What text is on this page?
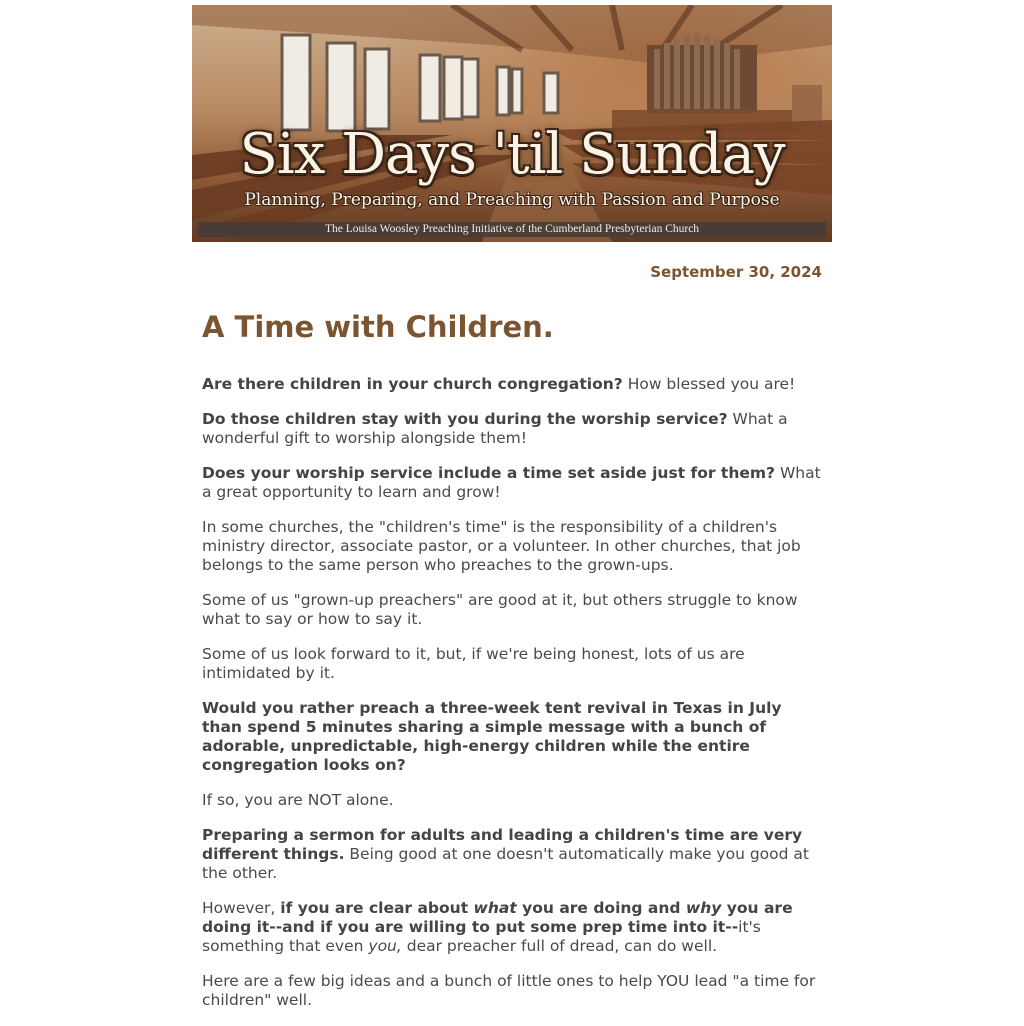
Six Days 'til Sunday
Planning, Preparing, and Preaching with Passion and Purpose
The Louisa Woosley Preaching Initiative of the Cumberland Presbyterian Church
September 30, 2024
A Time with Children.

Are there children in your church congregation? How blessed you are!

Do those children stay with you during the worship service? What a wonderful gift to worship alongside them!

Does your worship service include a time set aside just for them? What a great opportunity to learn and grow!

In some churches, the "children's time" is the responsibility of a children's ministry director, associate pastor, or a volunteer. In other churches, that job belongs to the same person who preaches to the grown-ups.

Some of us "grown-up preachers" are good at it, but others struggle to know what to say or how to say it.

Some of us look forward to it, but, if we're being honest, lots of us are intimidated by it.

Would you rather preach a three-week tent revival in Texas in July than spend 5 minutes sharing a simple message with a bunch of adorable, unpredictable, high-energy children while the entire congregation looks on?

If so, you are NOT alone.

Preparing a sermon for adults and leading a children's time are very different things. Being good at one doesn't automatically make you good at the other.

However, if you are clear about what you are doing and why you are doing it--and if you are willing to put some prep time into it--it's something that even you, dear preacher full of dread, can do well.

Here are a few big ideas and a bunch of little ones to help YOU lead "a time for children" well.
